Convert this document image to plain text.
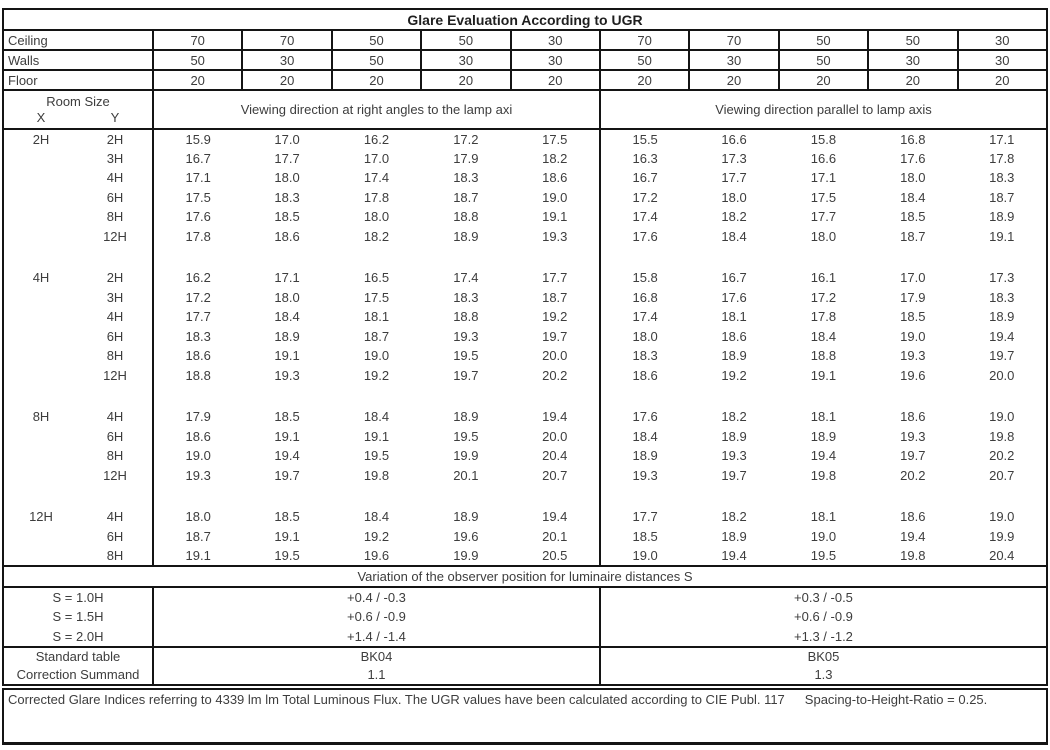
Glare Evaluation According to UGR											
Ceiling		70	70	50	50	30	70	70	50	50	30
Walls		50	30	50	30	30	50	30	50	30	30
Floor		20	20	20	20	20	20	20	20	20	20
Room Size		Viewing direction at right angles to the lamp axi					Viewing direction parallel to lamp axis				
X	Y										
2H	2H	15.9	17.0	16.2	17.2	17.5	15.5	16.6	15.8	16.8	17.1
	3H	16.7	17.7	17.0	17.9	18.2	16.3	17.3	16.6	17.6	17.8
	4H	17.1	18.0	17.4	18.3	18.6	16.7	17.7	17.1	18.0	18.3
	6H	17.5	18.3	17.8	18.7	19.0	17.2	18.0	17.5	18.4	18.7
	8H	17.6	18.5	18.0	18.8	19.1	17.4	18.2	17.7	18.5	18.9
	12H	17.8	18.6	18.2	18.9	19.3	17.6	18.4	18.0	18.7	19.1

4H	2H	16.2	17.1	16.5	17.4	17.7	15.8	16.7	16.1	17.0	17.3
	3H	17.2	18.0	17.5	18.3	18.7	16.8	17.6	17.2	17.9	18.3
	4H	17.7	18.4	18.1	18.8	19.2	17.4	18.1	17.8	18.5	18.9
	6H	18.3	18.9	18.7	19.3	19.7	18.0	18.6	18.4	19.0	19.4
	8H	18.6	19.1	19.0	19.5	20.0	18.3	18.9	18.8	19.3	19.7
	12H	18.8	19.3	19.2	19.7	20.2	18.6	19.2	19.1	19.6	20.0

8H	4H	17.9	18.5	18.4	18.9	19.4	17.6	18.2	18.1	18.6	19.0
	6H	18.6	19.1	19.1	19.5	20.0	18.4	18.9	18.9	19.3	19.8
	8H	19.0	19.4	19.5	19.9	20.4	18.9	19.3	19.4	19.7	20.2
	12H	19.3	19.7	19.8	20.1	20.7	19.3	19.7	19.8	20.2	20.7

12H	4H	18.0	18.5	18.4	18.9	19.4	17.7	18.2	18.1	18.6	19.0
	6H	18.7	19.1	19.2	19.6	20.1	18.5	18.9	19.0	19.4	19.9
	8H	19.1	19.5	19.6	19.9	20.5	19.0	19.4	19.5	19.8	20.4
Variation of the observer position for luminaire distances S											
S = 1.0H		+0.4 / -0.3					+0.3 / -0.5				
S = 1.5H		+0.6 / -0.9					+0.6 / -0.9				
S = 2.0H		+1.4 / -1.4					+1.3 / -1.2				
Standard table		BK04					BK05				
Correction Summand		1.1					1.3				
Corrected Glare Indices referring to 4339 lm lm Total Luminous Flux. The UGR values have been calculated according to CIE Publ. 117 Spacing-to-Height-Ratio = 0.25.
